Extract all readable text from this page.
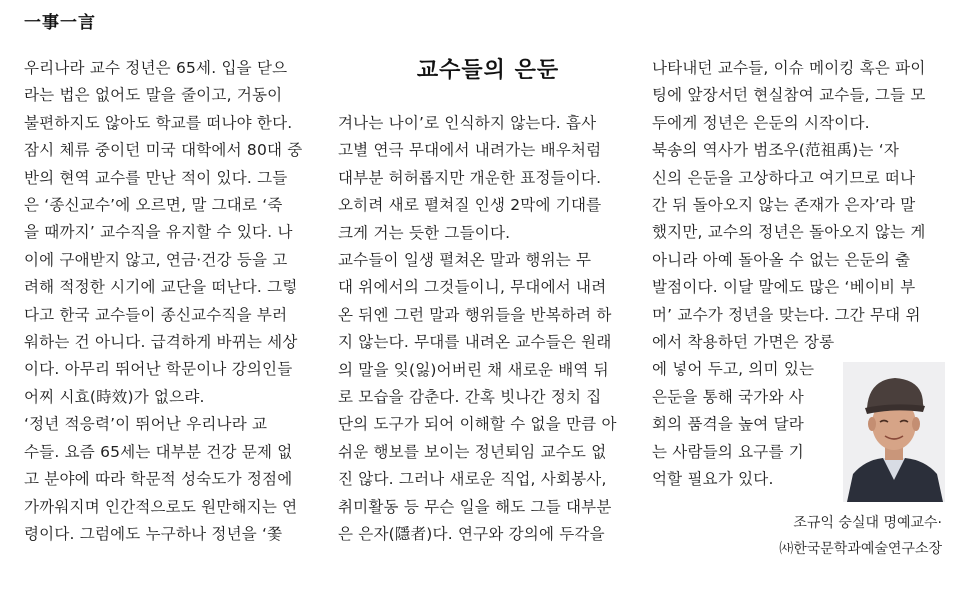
一事一言

우리나라 교수 정년은 65세. 입을 닫으

라는 법은 없어도 말을 줄이고, 거동이

불편하지도 않아도 학교를 떠나야 한다.

잠시 체류 중이던 미국 대학에서 80대 중

반의 현역 교수를 만난 적이 있다. 그들

은 ‘종신교수’에 오르면, 말 그대로 ‘죽

을 때까지’ 교수직을 유지할 수 있다. 나

이에 구애받지 않고, 연금·건강 등을 고

려해 적정한 시기에 교단을 떠난다. 그렇

다고 한국 교수들이 종신교수직을 부러

워하는 건 아니다. 급격하게 바뀌는 세상

이다. 아무리 뛰어난 학문이나 강의인들

어찌 시효(時效)가 없으랴.

‘정년 적응력’이 뛰어난 우리나라 교

수들. 요즘 65세는 대부분 건강 문제 없

고 분야에 따라 학문적 성숙도가 정점에

가까워지며 인간적으로도 원만해지는 연

령이다. 그럼에도 누구하나 정년을 ‘쫓

교수들의 은둔

겨나는 나이’로 인식하지 않는다. 흡사

고별 연극 무대에서 내려가는 배우처럼

대부분 허허롭지만 개운한 표정들이다.

오히려 새로 펼쳐질 인생 2막에 기대를

크게 거는 듯한 그들이다.

교수들이 일생 펼쳐온 말과 행위는 무

대 위에서의 그것들이니, 무대에서 내려

온 뒤엔 그런 말과 행위들을 반복하려 하

지 않는다. 무대를 내려온 교수들은 원래

의 말을 잊(잃)어버린 채 새로운 배역 뒤

로 모습을 감춘다. 간혹 빗나간 정치 집

단의 도구가 되어 이해할 수 없을 만큼 아

쉬운 행보를 보이는 정년퇴임 교수도 없

진 않다. 그러나 새로운 직업, 사회봉사,

취미활동 등 무슨 일을 해도 그들 대부분

은 은자(隱者)다. 연구와 강의에 두각을

나타내던 교수들, 이슈 메이킹 혹은 파이

팅에 앞장서던 현실참여 교수들, 그들 모

두에게 정년은 은둔의 시작이다.

북송의 역사가 범조우(范祖禹)는 ‘자

신의 은둔을 고상하다고 여기므로 떠나

간 뒤 돌아오지 않는 존재가 은자’라 말

했지만, 교수의 정년은 돌아오지 않는 게

아니라 아예 돌아올 수 없는 은둔의 출

발점이다. 이달 말에도 많은 ‘베이비 부

머’ 교수가 정년을 맞는다. 그간 무대 위

에서 착용하던 가면은 장롱

에 넣어 두고, 의미 있는

은둔을 통해 국가와 사

회의 품격을 높여 달라

는 사람들의 요구를 기

억할 필요가 있다.

조규익 숭실대 명예교수·
㈔한국문학과예술연구소장
